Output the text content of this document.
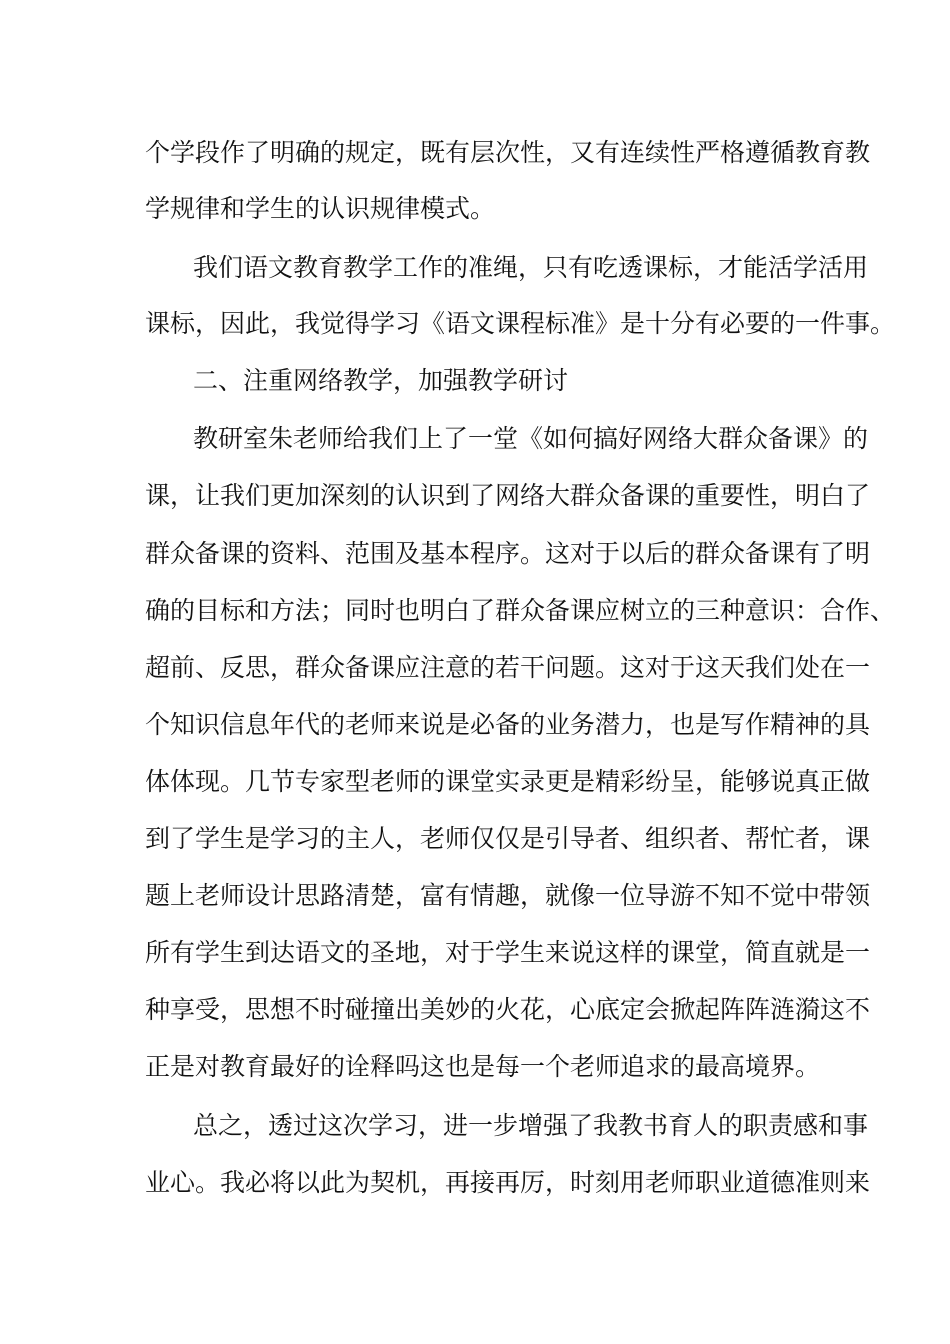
个学段作了明确的规定，既有层次性，又有连续性严格遵循教育教

学规律和学生的认识规律模式。

我们语文教育教学工作的准绳，只有吃透课标，才能活学活用

课标，因此，我觉得学习《语文课程标准》是十分有必要的一件事。

二、注重网络教学，加强教学研讨

教研室朱老师给我们上了一堂《如何搞好网络大群众备课》的

课，让我们更加深刻的认识到了网络大群众备课的重要性，明白了

群众备课的资料、范围及基本程序。这对于以后的群众备课有了明

确的目标和方法；同时也明白了群众备课应树立的三种意识：合作、

超前、反思，群众备课应注意的若干问题。这对于这天我们处在一

个知识信息年代的老师来说是必备的业务潜力，也是写作精神的具

体体现。几节专家型老师的课堂实录更是精彩纷呈，能够说真正做

到了学生是学习的主人，老师仅仅是引导者、组织者、帮忙者，课

题上老师设计思路清楚，富有情趣，就像一位导游不知不觉中带领

所有学生到达语文的圣地，对于学生来说这样的课堂，简直就是一

种享受，思想不时碰撞出美妙的火花，心底定会掀起阵阵涟漪这不

正是对教育最好的诠释吗这也是每一个老师追求的最高境界。

总之，透过这次学习，进一步增强了我教书育人的职责感和事

业心。我必将以此为契机，再接再厉，时刻用老师职业道德准则来
